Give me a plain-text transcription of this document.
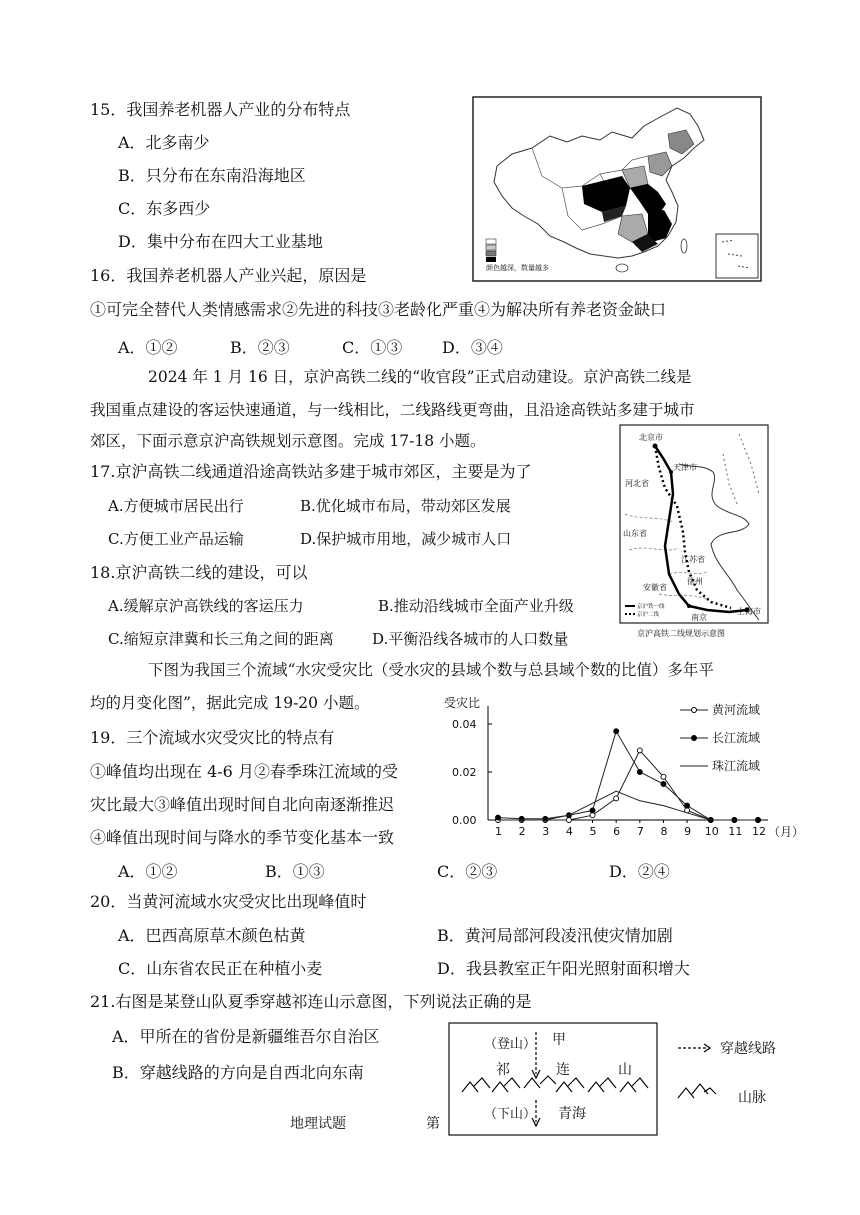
15．我国养老机器人产业的分布特点
A．北多南少
B．只分布在东南沿海地区
C．东多西少
D．集中分布在四大工业基地
颜色越深，数量越多
16．我国养老机器人产业兴起，原因是
①可完全替代人类情感需求②先进的科技③老龄化严重④为解决所有养老资金缺口
A．①②	B．②③	C．①③ D．③④
2024 年 1 月 16 日，京沪高铁二线的“收官段”正式启动建设。京沪高铁二线是
我国重点建设的客运快速通道，与一线相比，二线路线更弯曲，且沿途高铁站多建于城市
郊区，下面示意京沪高铁规划示意图。完成 17-18 小题。
17.京沪高铁二线通道沿途高铁站多建于城市郊区，主要是为了
A.方便城市居民出行	B.优化城市布局，带动郊区发展
C.方便工业产品运输	D.保护城市用地，减少城市人口
18.京沪高铁二线的建设，可以
A.缓解京沪高铁线的客运压力	B.推动沿线城市全面产业升级
C.缩短京津冀和长三角之间的距离	D.平衡沿线各城市的人口数量
北京市
天津市
河北省
山东省
江苏省
安徽省
徐州
南京
上海市
京沪铁一线
京沪二线
京沪高铁二线规划示意图
下图为我国三个流域“水灾受灾比（受水灾的县域个数与总县域个数的比值）多年平
均的月变化图”，据此完成 19-20 小题。
19．三个流域水灾受灾比的特点有
①峰值均出现在 4-6 月②春季珠江流域的受
灾比最大③峰值出现时间自北向南逐渐推迟
④峰值出现时间与降水的季节变化基本一致
A．①②	B．①③	C．②③	D．②④
受灾比
（月）
0.00
0.02
0.04
1 2 3 4 5 6 7 8 9 10 11 12
黄河流域
长江流域
珠江流域
20．当黄河流域水灾受灾比出现峰值时
A．巴西高原草木颜色枯黄	B．黄河局部河段凌汛使灾情加剧
C．山东省农民正在种植小麦	D．我县教室正午阳光照射面积增大
21.右图是某登山队夏季穿越祁连山示意图，下列说法正确的是
A．甲所在的省份是新疆维吾尔自治区
B．穿越线路的方向是自西北向东南
（登山） 甲
祁	连	山
（下山） 青海
穿越线路
山脉
地理试题	第
